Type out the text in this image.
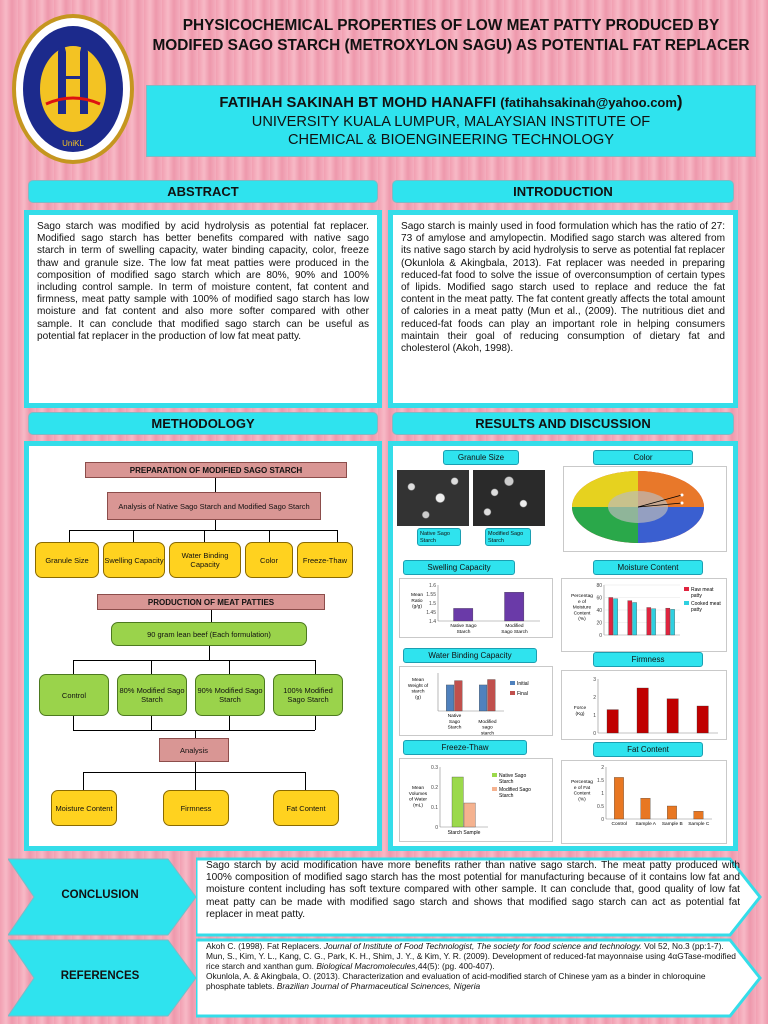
UniKL
PHYSICOCHEMICAL PROPERTIES OF LOW MEAT PATTY PRODUCED BY MODIFED SAGO STARCH (METROXYLON SAGU) AS POTENTIAL FAT REPLACER
FATIHAH SAKINAH BT MOHD HANAFFI (fatihahsakinah@yahoo.com)
UNIVERSITY KUALA LUMPUR, MALAYSIAN INSTITUTE OF
CHEMICAL & BIOENGINEERING TECHNOLOGY
ABSTRACT
Sago starch was modified by acid hydrolysis as potential fat replacer. Modified sago starch has better benefits compared with native sago starch in term of swelling capacity, water binding capacity, color, freeze thaw and granule size. The low fat meat patties were produced in the composition of modified sago starch which are 80%, 90% and 100% including control sample. In term of moisture content, fat content and firmness, meat patty sample with 100% of modified sago starch has low moisture and fat content and also more softer compared with other sample. It can conclude that modified sago starch can be useful as potential fat replacer in the production of low fat meat patty.
INTRODUCTION
Sago starch is mainly used in food formulation which has the ratio of 27: 73 of amylose and amylopectin. Modified sago starch was altered from its native sago starch by acid hydrolysis to serve as potential fat replacer (Okunlola & Akingbala, 2013). Fat replacer was needed in preparing reduced-fat food to solve the issue of overconsumption of certain types of lipids. Modified sago starch used to replace and reduce the fat content in the meat patty. The fat content greatly affects the total amount of calories in a meat patty (Mun et al., (2009). The nutritious diet and reduced-fat foods can play an important role in helping consumers maintain their goal of reducing consumption of dietary fat and cholesterol (Akoh, 1998).
METHODOLOGY
PREPARATION OF MODIFIED SAGO STARCH
Analysis of Native Sago Starch and Modified Sago Starch
Granule Size	Swelling Capacity	Water Binding Capacity	Color	Freeze-Thaw
PRODUCTION OF MEAT PATTIES
90 gram lean beef (Each formulation)
Control	80% Modified Sago Starch
90% Modified Sago Starch
100% Modified Sago Starch
Analysis
Moisture Content	Firmness	Fat Content
RESULTS AND DISCUSSION
Granule Size
Native Sago Starch
Modified Sago Starch
Color
Swelling Capacity
1.6
1.55
1.5
1.45
1.4
Mean
Ratio
(g/g)
Native Sago
Starch
Modified
Sago Starch
Moisture Content
80
60
40
20
0
Percentag
e of
Moisture
Content
(%)
Raw meat
patty
Cooked meat
patty
Water Binding Capacity
Mean
Weight of
starch
(g)
Native
Sago
Starch
Modified
sago
starch
Initial
Final
Firmness
3
2
1
0
Force
(Kg)
Freeze-Thaw
0.3
0.2
0.1
0
Mean
Volumes
of Water
(mL)
Native Sago
Starch
Modified Sago
Starch
Starch Sample
Fat Content
2
1.5
1
0.5
0
Percentag
e of Fat
Content
(%)
Control Sample A Sample B Sample C
CONCLUSION
Sago starch by acid modification have more benefits rather than native sago starch. The meat patty produced with 100% composition of modified sago starch has the most potential for manufacturing because of it contains low fat and moisture content including has soft texture compared with other sample. It can conclude that, good quality of low fat meat patty can be made with modified sago starch and shows that modified sago starch can act as potential fat replacer in meat patty.
REFERENCES
Akoh C. (1998). Fat Replacers. Journal of Institute of Food Technologist, The society for food science and technology. Vol 52, No.3 (pp:1-7).
Mun, S., Kim, Y. L., Kang, C. G., Park, K. H., Shim, J. Y., & Kim, Y. R. (2009). Development of reduced-fat mayonnaise using 4αGTase-modified rice starch and xanthan gum. Biological Macromolecules,44(5): (pg. 400-407).
Okunlola, A. & Akingbala, O. (2013). Characterization and evaluation of acid-modified starch of Chinese yam as a binder in chloroquine phosphate tablets. Brazilian Journal of Pharmaceutical Scinences, Nigeria
